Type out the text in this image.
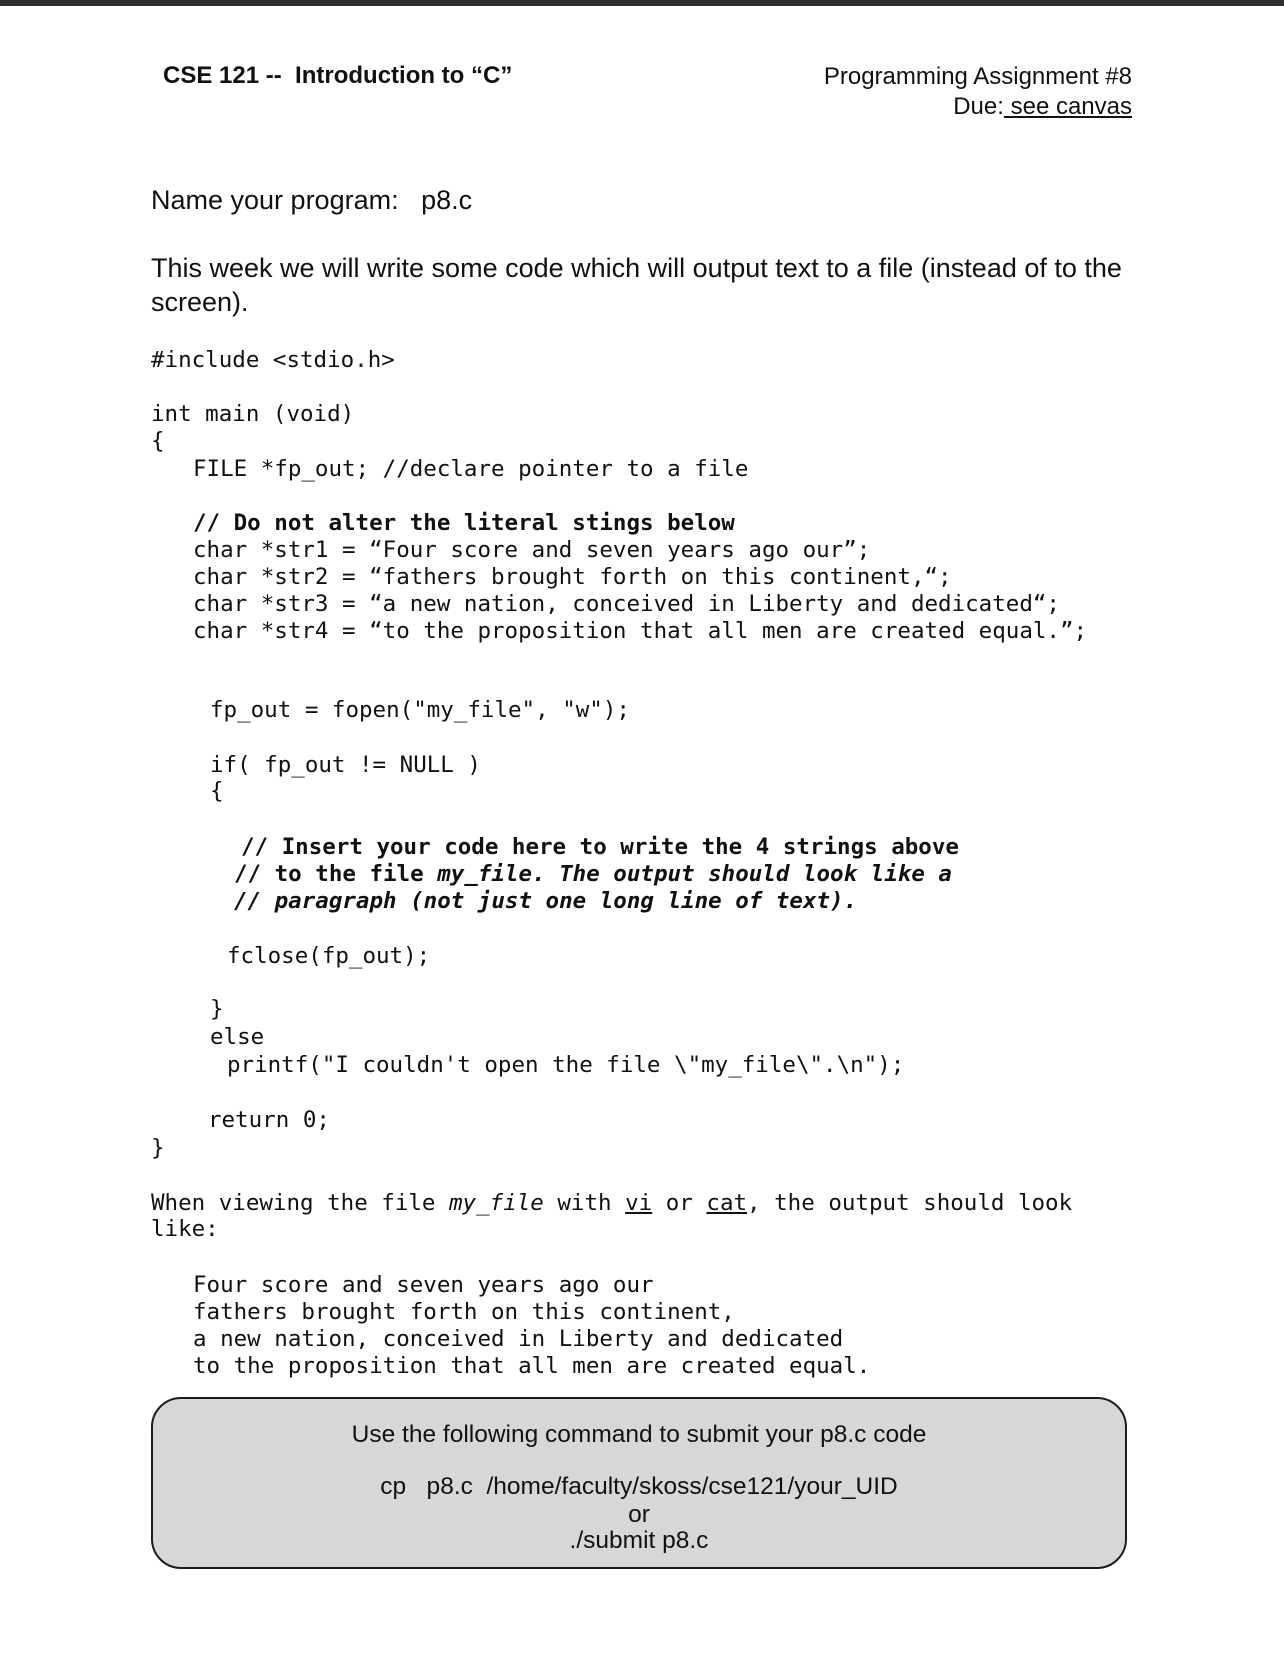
CSE 121 --  Introduction to “C”	Programming Assignment #8
Due: see canvas
Name your program:   p8.c
This week we will write some code which will output text to a file (instead of to the screen).
#include <stdio.h>
int main (void)
{
FILE *fp_out; //declare pointer to a file
// Do not alter the literal stings below
char *str1 = “Four score and seven years ago our”;
char *str2 = “fathers brought forth on this continent,“;
char *str3 = “a new nation, conceived in Liberty and dedicated“;
char *str4 = “to the proposition that all men are created equal.”;
fp_out = fopen("my_file", "w");
if( fp_out != NULL )
{
// Insert your code here to write the 4 strings above
// to the file my_file. The output should look like a
// paragraph (not just one long line of text).
fclose(fp_out);
}
else
printf("I couldn't open the file \"my_file\".\n");
return 0;
}
When viewing the file my_file with vi or cat, the output should look
like:
Four score and seven years ago our
fathers brought forth on this continent,
a new nation, conceived in Liberty and dedicated
to the proposition that all men are created equal.
Use the following command to submit your p8.c code
cp   p8.c  /home/faculty/skoss/cse121/your_UID
or
./submit p8.c
